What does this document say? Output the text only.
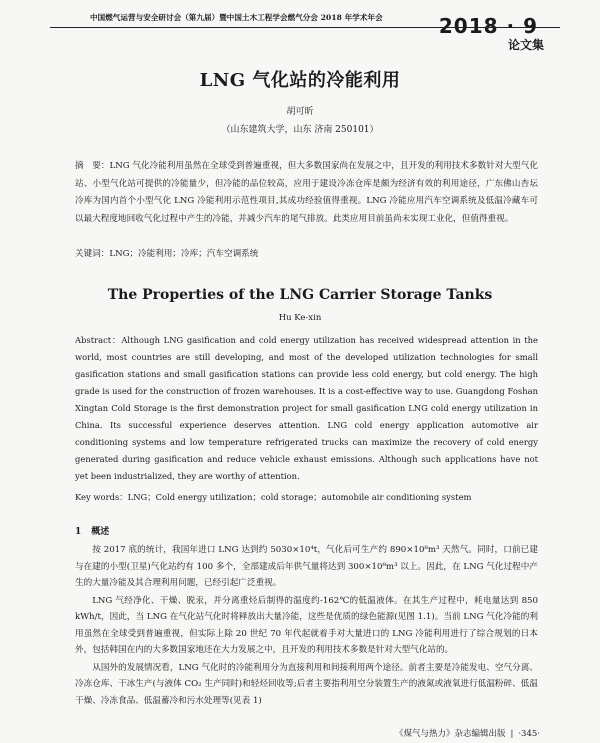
中国燃气运营与安全研讨会（第九届）暨中国土木工程学会燃气分会 2018 年学术年会	2018 · 9
论文集
LNG 气化站的冷能利用
胡可昕
（山东建筑大学，山东 济南 250101）

摘　要：LNG 气化冷能利用虽然在全球受到普遍重视，但大多数国家尚在发展之中，且开发的利用技术多数针对大型气化站、小型气化站可提供的冷能量少，但冷能的品位较高，应用于建设冷冻仓库是颇为经济有效的利用途径，广东佛山杏坛冷库为国内首个小型气化 LNG 冷能利用示范性项目,其成功经验值得重视。LNG 冷能应用汽车空调系统及低温冷藏车可以最大程度地回收气化过程中产生的冷能，并减少汽车的尾气排放。此类应用目前虽尚未实现工业化，但值得重视。

关键词：LNG；冷能利用；冷库；汽车空调系统

The Properties of the LNG Carrier Storage Tanks
Hu Ke-xin

Abstract：Although LNG gasification and cold energy utilization has received widespread attention in the world, most countries are still developing, and most of the developed utilization technologies for small gasification stations and small gasification stations can provide less cold energy, but cold energy. The high grade is used for the construction of frozen warehouses. It is a cost-effective way to use. Guangdong Foshan Xingtan Cold Storage is the first demonstration project for small gasification LNG cold energy utilization in China. Its successful experience deserves attention. LNG cold energy application automotive air conditioning systems and low temperature refrigerated trucks can maximize the recovery of cold energy generated during gasification and reduce vehicle exhaust emissions. Although such applications have not yet been industrialized, they are worthy of attention.

Key words：LNG；Cold energy utilization；cold storage；automobile air conditioning system

1 概述

按 2017 底的统计，我国年进口 LNG 达到约 5030×10⁴t，气化后可生产约 890×10⁸m³ 天然气。同时，口前已建与在建的小型(卫星)气化站约有 100 多个，全部建成后年供气量将达到 300×10⁸m³ 以上。因此，在 LNG 气化过程中产生的大量冷能及其合理利用问题，已经引起广泛重视。

LNG 气经净化、干燥、脱汞，并分离重烃后制得的温度约-162℃的低温液体。在其生产过程中，耗电量达到 850 kWh/t，因此，当 LNG 在气化站气化时将释放出大量冷能，这些是优质的绿色能源(见图 1.1)。当前 LNG 气化冷能的利用虽然在全球受到普遍重视，但实际上除 20 世纪 70 年代起就着手对大量进口的 LNG 冷能利用进行了综合规划的日本外，包括韩国在内的大多数国家地还在大力发展之中，且开发的利用技术多数是针对大型气化站的。

从国外的发展情况看，LNG 气化时的冷能利用分为直接利用和间接利用两个途径。前者主要是冷能发电、空气分离、冷冻仓库、干冰生产(与液体 CO₂ 生产同时)和轻烃回收等;后者主要指利用空分装置生产的液氮或液氧进行低温粉碎、低温干燥、冷冻食品、低温蓄冷和污水处理等(见表 1)

《煤气与热力》杂志编辑出版 | ·345·
